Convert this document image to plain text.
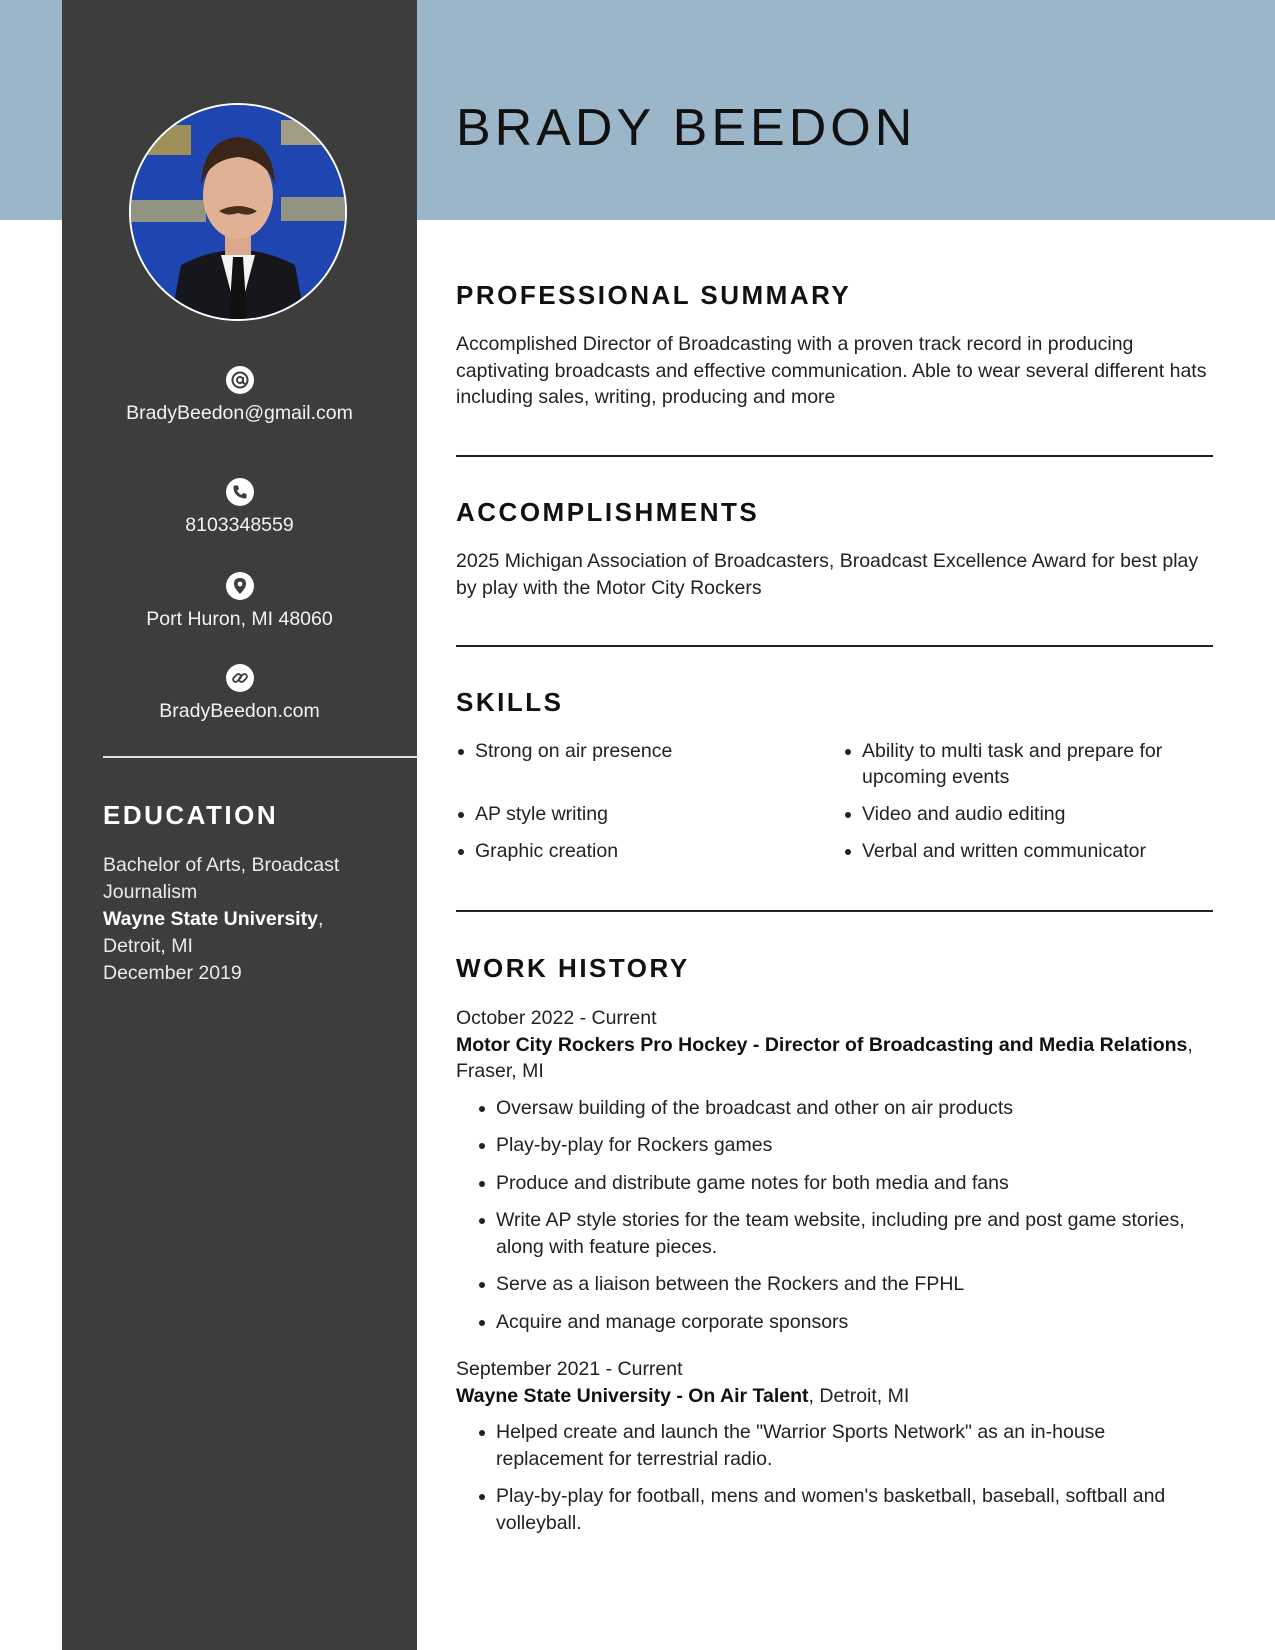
BradyBeedon@gmail.com
8103348559
Port Huron, MI 48060
BradyBeedon.com
EDUCATION
Bachelor of Arts, Broadcast Journalism
Wayne State University,
Detroit, MI
December 2019
BRADY BEEDON
PROFESSIONAL SUMMARY

Accomplished Director of Broadcasting with a proven track record in producing captivating broadcasts and effective communication. Able to wear several different hats including sales, writing, producing and more

ACCOMPLISHMENTS

2025 Michigan Association of Broadcasters, Broadcast Excellence Award for best play by play with the Motor City Rockers

SKILLS
Strong on air presence	Ability to multi task and prepare for upcoming events
AP style writing	Video and audio editing
Graphic creation	Verbal and written communicator
WORK HISTORY
October 2022 - Current
Motor City Rockers Pro Hockey - Director of Broadcasting and Media Relations, Fraser, MI
Oversaw building of the broadcast and other on air products
Play-by-play for Rockers games
Produce and distribute game notes for both media and fans
Write AP style stories for the team website, including pre and post game stories, along with feature pieces.
Serve as a liaison between the Rockers and the FPHL
Acquire and manage corporate sponsors
September 2021 - Current
Wayne State University - On Air Talent, Detroit, MI
Helped create and launch the "Warrior Sports Network" as an in-house replacement for terrestrial radio.
Play-by-play for football, mens and women's basketball, baseball, softball and volleyball.
